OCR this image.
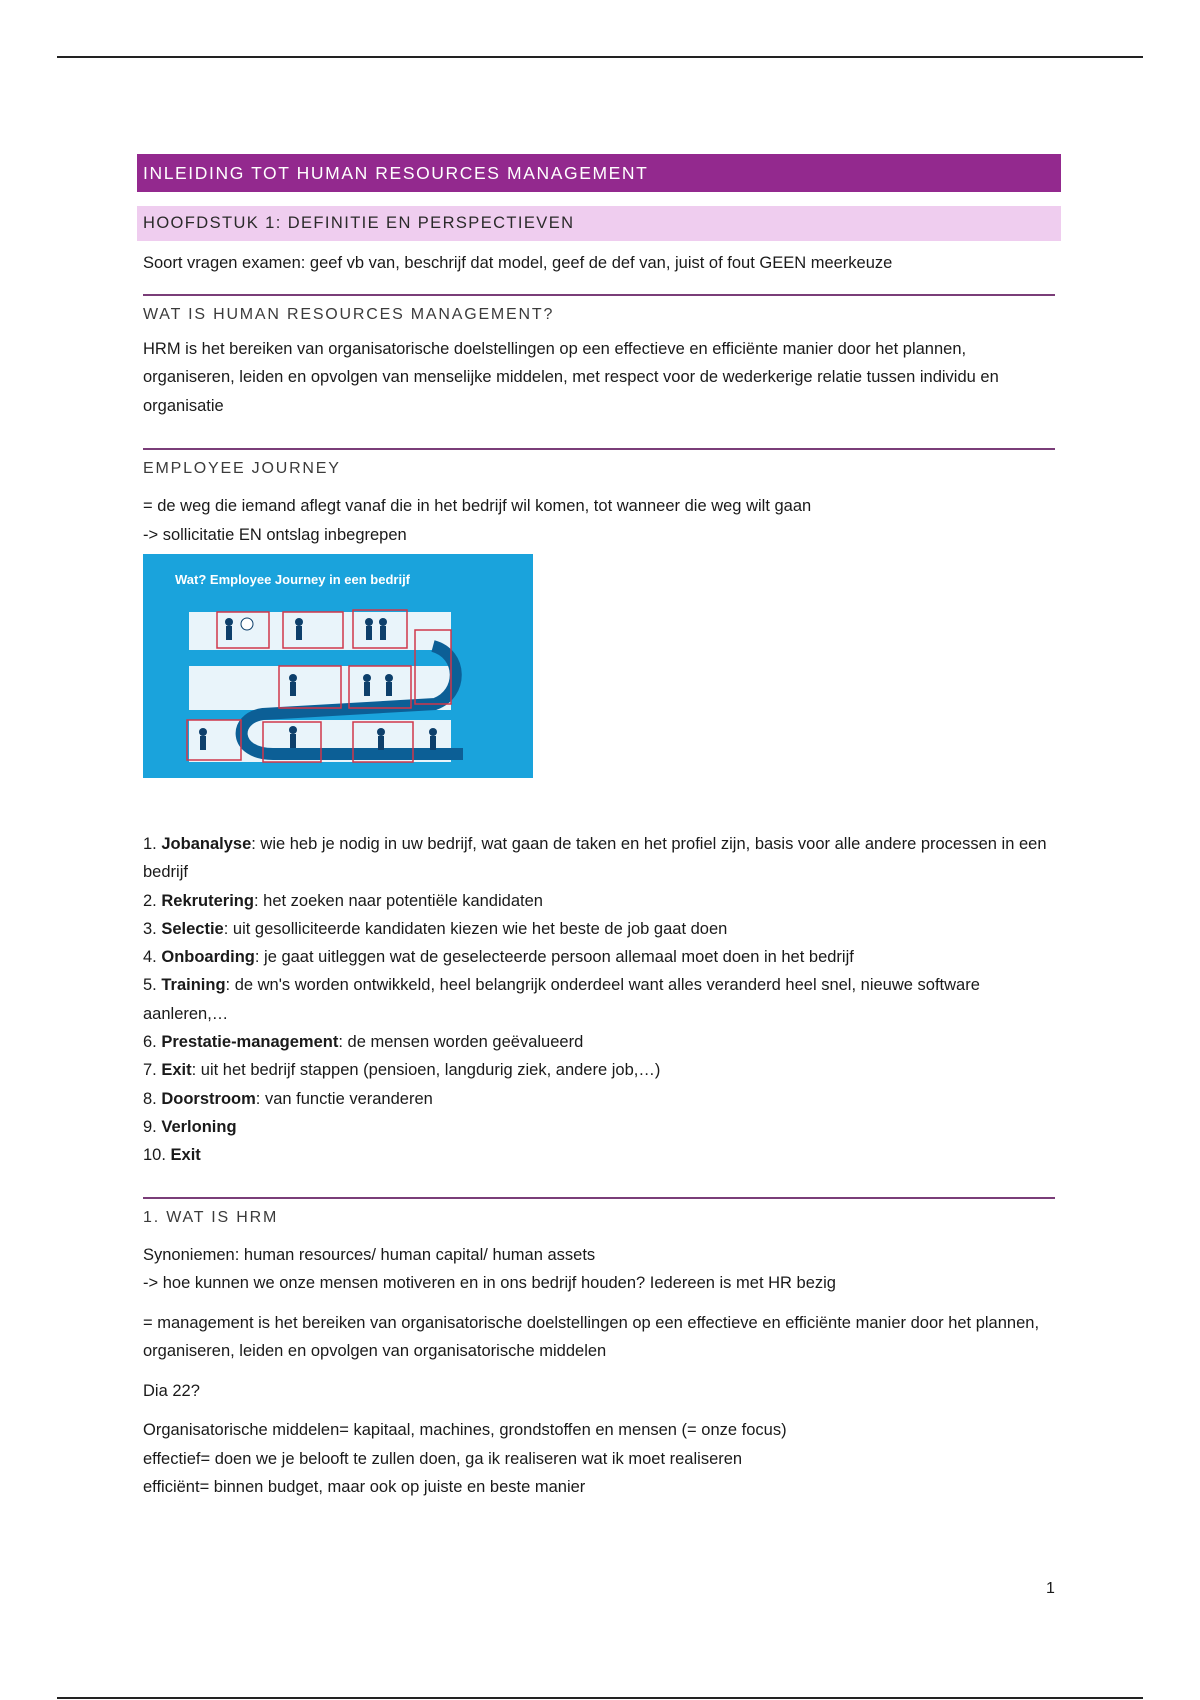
INLEIDING TOT HUMAN RESOURCES MANAGEMENT
HOOFDSTUK 1: DEFINITIE EN PERSPECTIEVEN
Soort vragen examen: geef vb van, beschrijf dat model, geef de def van, juist of fout GEEN meerkeuze
WAT IS HUMAN RESOURCES MANAGEMENT?
HRM is het bereiken van organisatorische doelstellingen op een effectieve en efficiënte manier door het plannen, organiseren, leiden en opvolgen van menselijke middelen, met respect voor de wederkerige relatie tussen individu en organisatie
EMPLOYEE JOURNEY
= de weg die iemand aflegt vanaf die in het bedrijf wil komen, tot wanneer die weg wilt gaan
-> sollicitatie EN ontslag inbegrepen
Wat? Employee Journey in een bedrijf
1. Jobanalyse: wie heb je nodig in uw bedrijf, wat gaan de taken en het profiel zijn, basis voor alle andere processen in een bedrijf
2. Rekrutering: het zoeken naar potentiële kandidaten
3. Selectie: uit gesolliciteerde kandidaten kiezen wie het beste de job gaat doen
4. Onboarding: je gaat uitleggen wat de geselecteerde persoon allemaal moet doen in het bedrijf
5. Training: de wn's worden ontwikkeld, heel belangrijk onderdeel want alles veranderd heel snel, nieuwe software aanleren,…
6. Prestatie-management: de mensen worden geëvalueerd
7. Exit: uit het bedrijf stappen (pensioen, langdurig ziek, andere job,…)
8. Doorstroom: van functie veranderen
9. Verloning
10. Exit
1. WAT IS HRM
Synoniemen: human resources/ human capital/ human assets
-> hoe kunnen we onze mensen motiveren en in ons bedrijf houden? Iedereen is met HR bezig
= management is het bereiken van organisatorische doelstellingen op een effectieve en efficiënte manier door het plannen, organiseren, leiden en opvolgen van organisatorische middelen
Dia 22?
Organisatorische middelen= kapitaal, machines, grondstoffen en mensen (= onze focus)
effectief= doen we je belooft te zullen doen, ga ik realiseren wat ik moet realiseren
efficiënt= binnen budget, maar ook op juiste en beste manier
1
